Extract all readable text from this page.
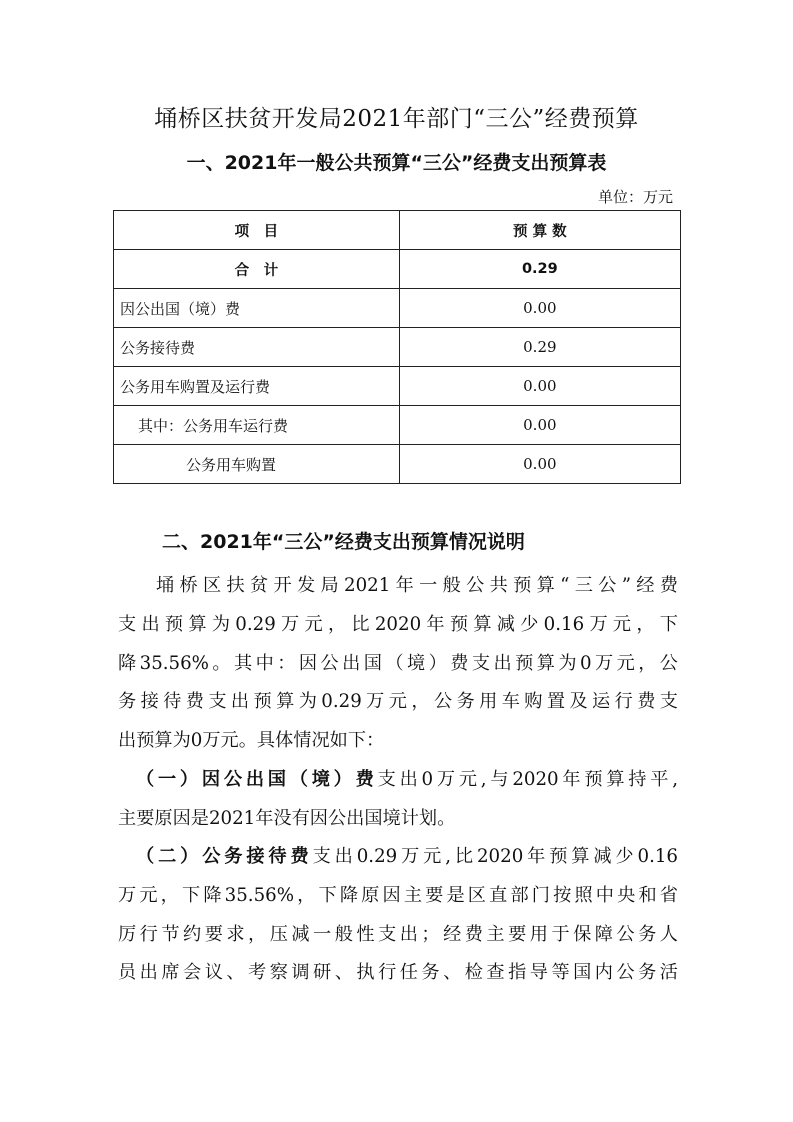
埇桥区扶贫开发局2021年部门“三公”经费预算
一、2021年一般公共预算“三公”经费支出预算表
单位：万元
项　目	预 算 数
合　计	0.29
因公出国（境）费	0.00
公务接待费	0.29
公务用车购置及运行费	0.00
其中：公务用车运行费	0.00
公务用车购置	0.00
二、2021年“三公”经费支出预算情况说明
埇桥区扶贫开发局2021年一般公共预算“三公”经费
支出预算为0.29万元，比2020年预算减少0.16万元，下
降35.56%。其中：因公出国（境）费支出预算为0万元，公
务接待费支出预算为0.29万元，公务用车购置及运行费支
出预算为0万元。具体情况如下：
（一）因公出国（境）费支出0万元,与2020年预算持平,
主要原因是2021年没有因公出国境计划。
（二）公务接待费支出0.29万元,比2020年预算减少0.16
万元，下降35.56%，下降原因主要是区直部门按照中央和省
厉行节约要求，压减一般性支出；经费主要用于保障公务人
员出席会议、考察调研、执行任务、检查指导等国内公务活
